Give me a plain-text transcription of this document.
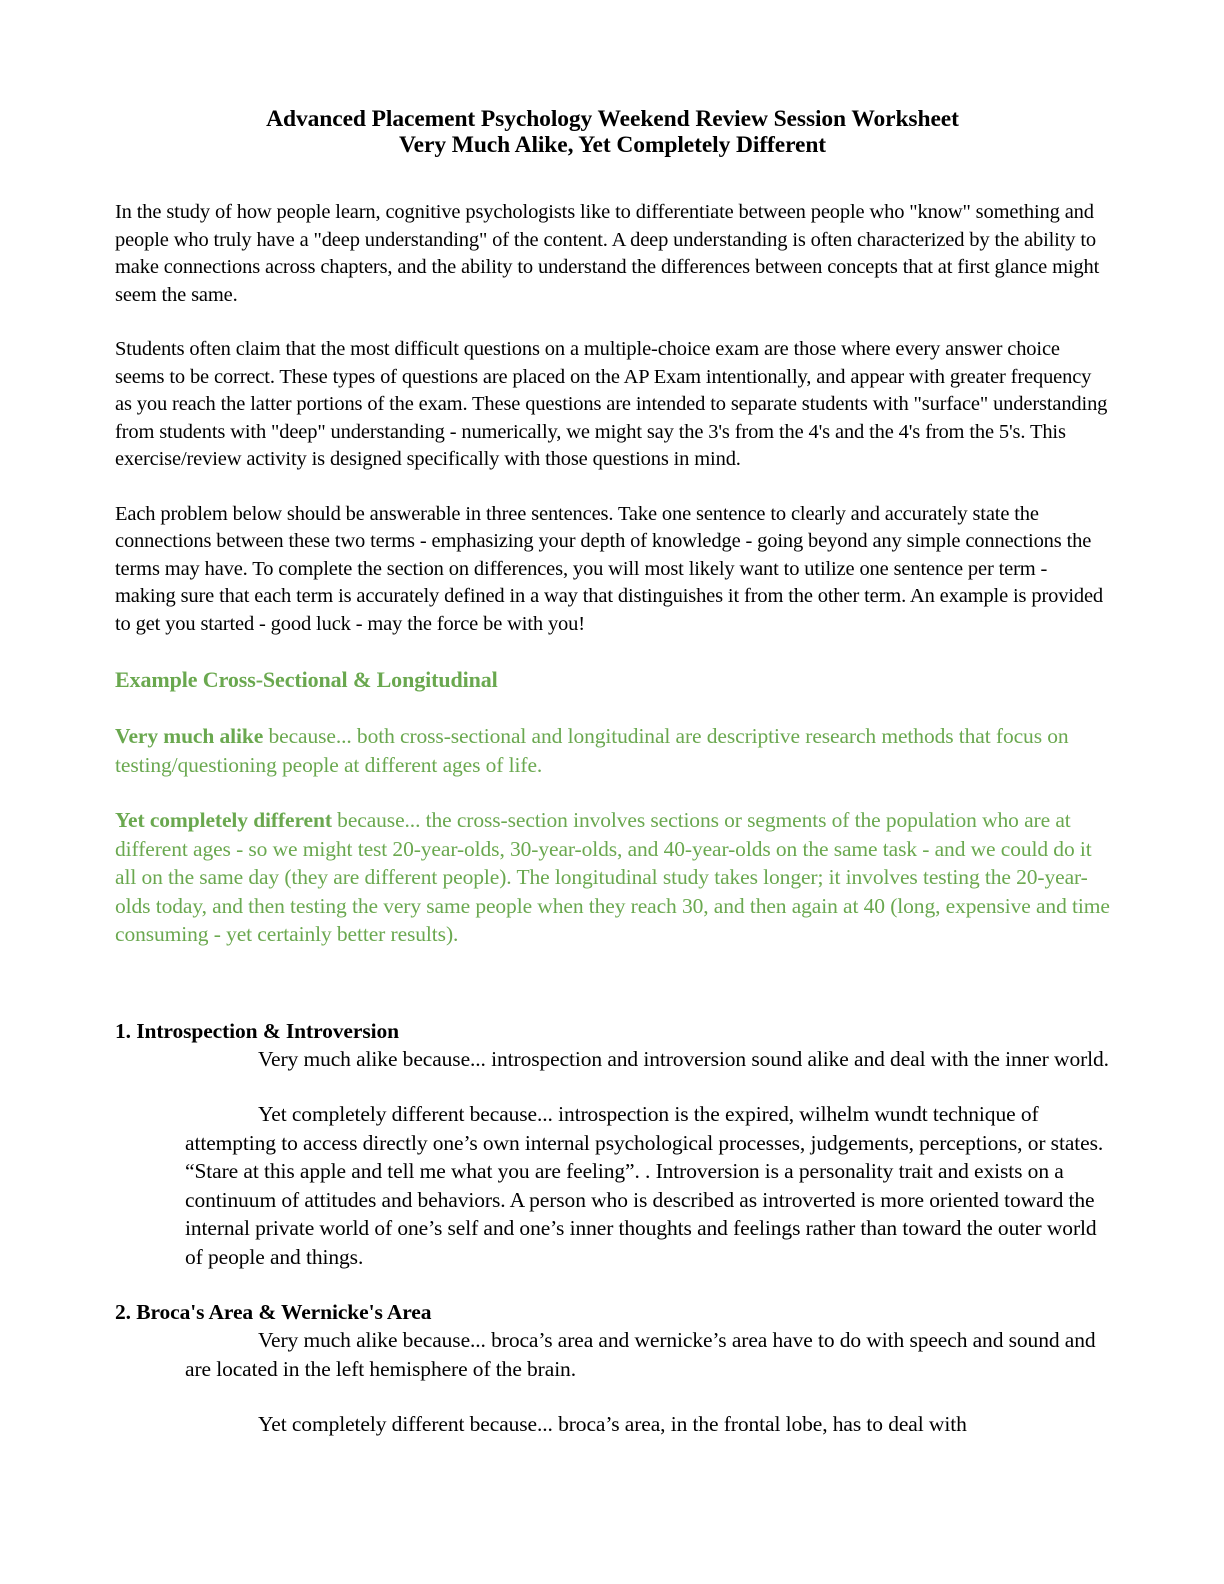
Advanced Placement Psychology Weekend Review Session Worksheet
Very Much Alike, Yet Completely Different

In the study of how people learn, cognitive psychologists like to differentiate between people who "know" something and people who truly have a "deep understanding" of the content. A deep understanding is often characterized by the ability to make connections across chapters, and the ability to understand the differences between concepts that at first glance might seem the same.

Students often claim that the most difficult questions on a multiple-choice exam are those where every answer choice seems to be correct. These types of questions are placed on the AP Exam intentionally, and appear with greater frequency as you reach the latter portions of the exam. These questions are intended to separate students with "surface" understanding from students with "deep" understanding - numerically, we might say the 3's from the 4's and the 4's from the 5's. This exercise/review activity is designed specifically with those questions in mind.

Each problem below should be answerable in three sentences. Take one sentence to clearly and accurately state the connections between these two terms - emphasizing your depth of knowledge - going beyond any simple connections the terms may have. To complete the section on differences, you will most likely want to utilize one sentence per term - making sure that each term is accurately defined in a way that distinguishes it from the other term. An example is provided to get you started - good luck - may the force be with you!

Example Cross-Sectional & Longitudinal

Very much alike because... both cross-sectional and longitudinal are descriptive research methods that focus on testing/questioning people at different ages of life.

Yet completely different because... the cross-section involves sections or segments of the population who are at different ages - so we might test 20-year-olds, 30-year-olds, and 40-year-olds on the same task - and we could do it all on the same day (they are different people). The longitudinal study takes longer; it involves testing the 20-year-olds today, and then testing the very same people when they reach 30, and then again at 40 (long, expensive and time consuming - yet certainly better results).

1. Introspection & Introversion

Very much alike because... introspection and introversion sound alike and deal with the inner world.

Yet completely different because... introspection is the expired, wilhelm wundt technique of attempting to access directly one’s own internal psychological processes, judgements, perceptions, or states. “Stare at this apple and tell me what you are feeling”. . Introversion is a personality trait and exists on a continuum of attitudes and behaviors. A person who is described as introverted is more oriented toward the internal private world of one’s self and one’s inner thoughts and feelings rather than toward the outer world of people and things.

2. Broca's Area & Wernicke's Area

Very much alike because... broca’s area and wernicke’s area have to do with speech and sound and are located in the left hemisphere of the brain.

Yet completely different because... broca’s area, in the frontal lobe, has to deal with
